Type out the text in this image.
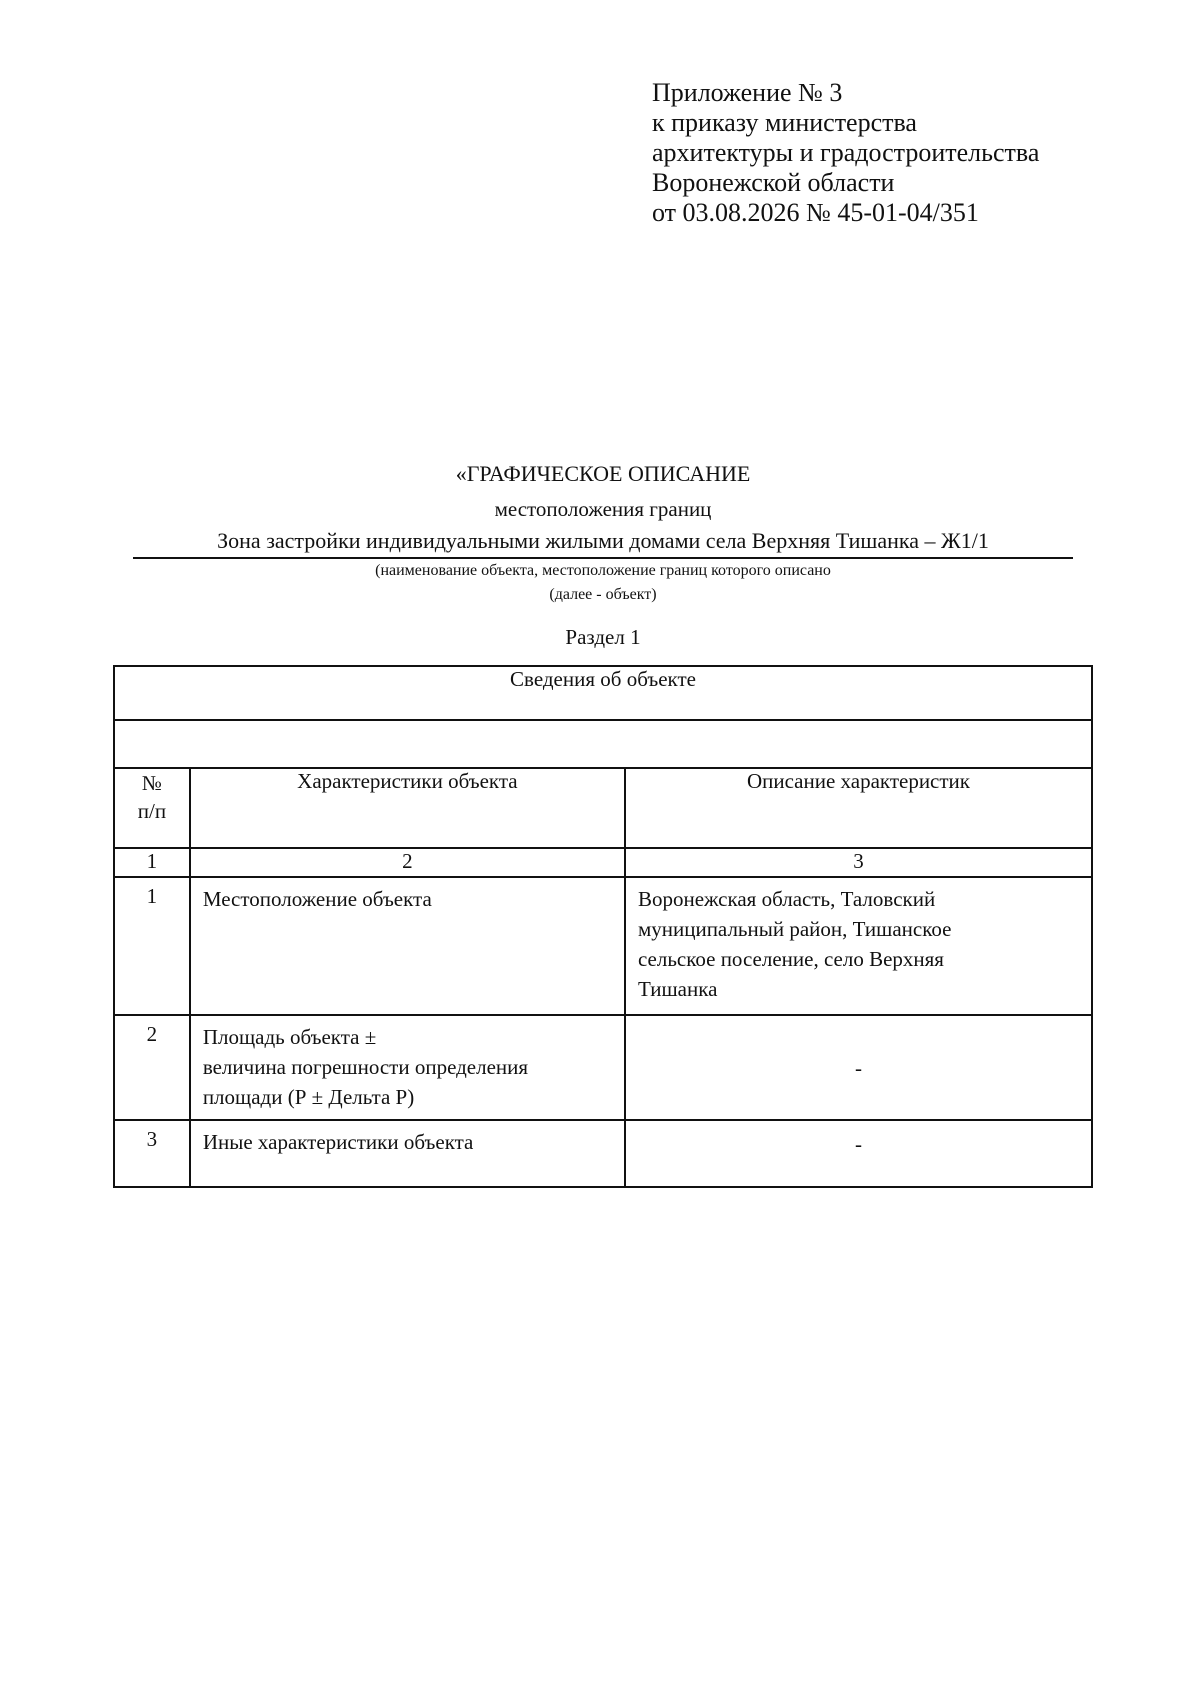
Приложение № 3
к приказу министерства
архитектуры и градостроительства
Воронежской области
от 03.08.2026 № 45-01-04/351
«ГРАФИЧЕСКОЕ ОПИСАНИЕ
местоположения границ
Зона застройки индивидуальными жилыми домами села Верхняя Тишанка – Ж1/1
(наименование объекта, местоположение границ которого описано
(далее - объект)
Раздел 1
Сведения об объекте		

№
п/п	Характеристики объекта	Описание характеристик
1	2	3
1	Местоположение объекта	Воронежская область, Таловский
муниципальный район, Тишанское
сельское поселение, село Верхняя
Тишанка

2	Площадь объекта ±
величина погрешности определения
площади (Р ± Дельта Р)	-
3	Иные характеристики объекта	-
